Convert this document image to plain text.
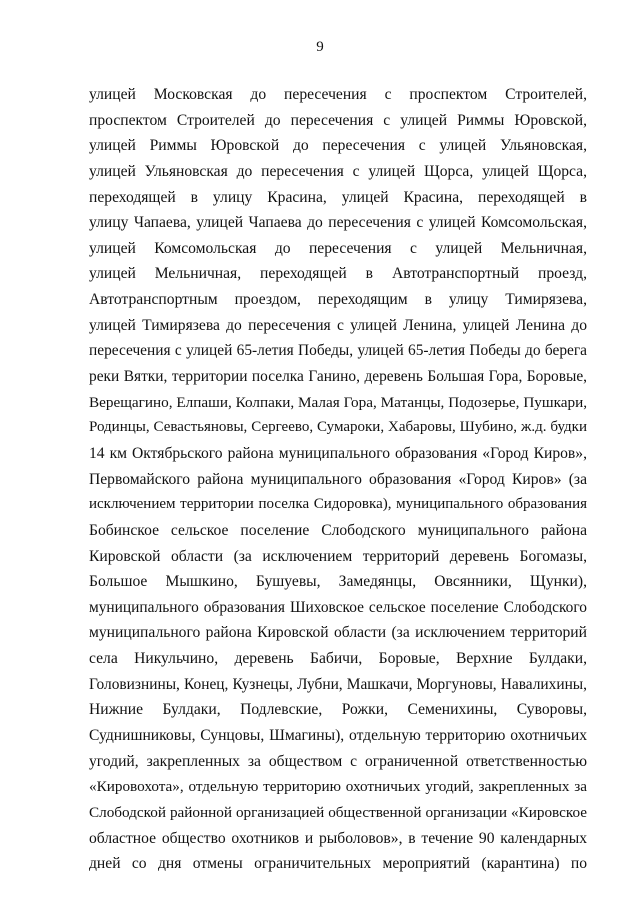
9
улицей Московская до пересечения с проспектом Строителей,
проспектом Строителей до пересечения с улицей Риммы Юровской,
улицей Риммы Юровской до пересечения с улицей Ульяновская,
улицей Ульяновская до пересечения с улицей Щорса, улицей Щорса,
переходящей в улицу Красина, улицей Красина, переходящей в
улицу Чапаева, улицей Чапаева до пересечения с улицей Комсомольская,
улицей Комсомольская до пересечения с улицей Мельничная,
улицей Мельничная, переходящей в Автотранспортный проезд,
Автотранспортным проездом, переходящим в улицу Тимирязева,
улицей Тимирязева до пересечения с улицей Ленина, улицей Ленина до
пересечения с улицей 65-летия Победы, улицей 65-летия Победы до берега
реки Вятки, территории поселка Ганино, деревень Большая Гора, Боровые,
Верещагино, Елпаши, Колпаки, Малая Гора, Матанцы, Подозерье, Пушкари,
Родинцы, Севастьяновы, Сергеево, Сумароки, Хабаровы, Шубино, ж.д. будки
14 км Октябрьского района муниципального образования «Город Киров»,
Первомайского района муниципального образования «Город Киров» (за
исключением территории поселка Сидоровка), муниципального образования
Бобинское сельское поселение Слободского муниципального района
Кировской области (за исключением территорий деревень Богомазы,
Большое Мышкино, Бушуевы, Замедянцы, Овсянники, Щунки),
муниципального образования Шиховское сельское поселение Слободского
муниципального района Кировской области (за исключением территорий
села Никульчино, деревень Бабичи, Боровые, Верхние Булдаки,
Головизнины, Конец, Кузнецы, Лубни, Машкачи, Моргуновы, Навалихины,
Нижние Булдаки, Подлевские, Рожки, Семенихины, Суворовы,
Суднишниковы, Сунцовы, Шмагины), отдельную территорию охотничьих
угодий, закрепленных за обществом с ограниченной ответственностью
«Кировохота», отдельную территорию охотничьих угодий, закрепленных за
Слободской районной организацией общественной организации «Кировское
областное общество охотников и рыболовов», в течение 90 календарных
дней со дня отмены ограничительных мероприятий (карантина) по
